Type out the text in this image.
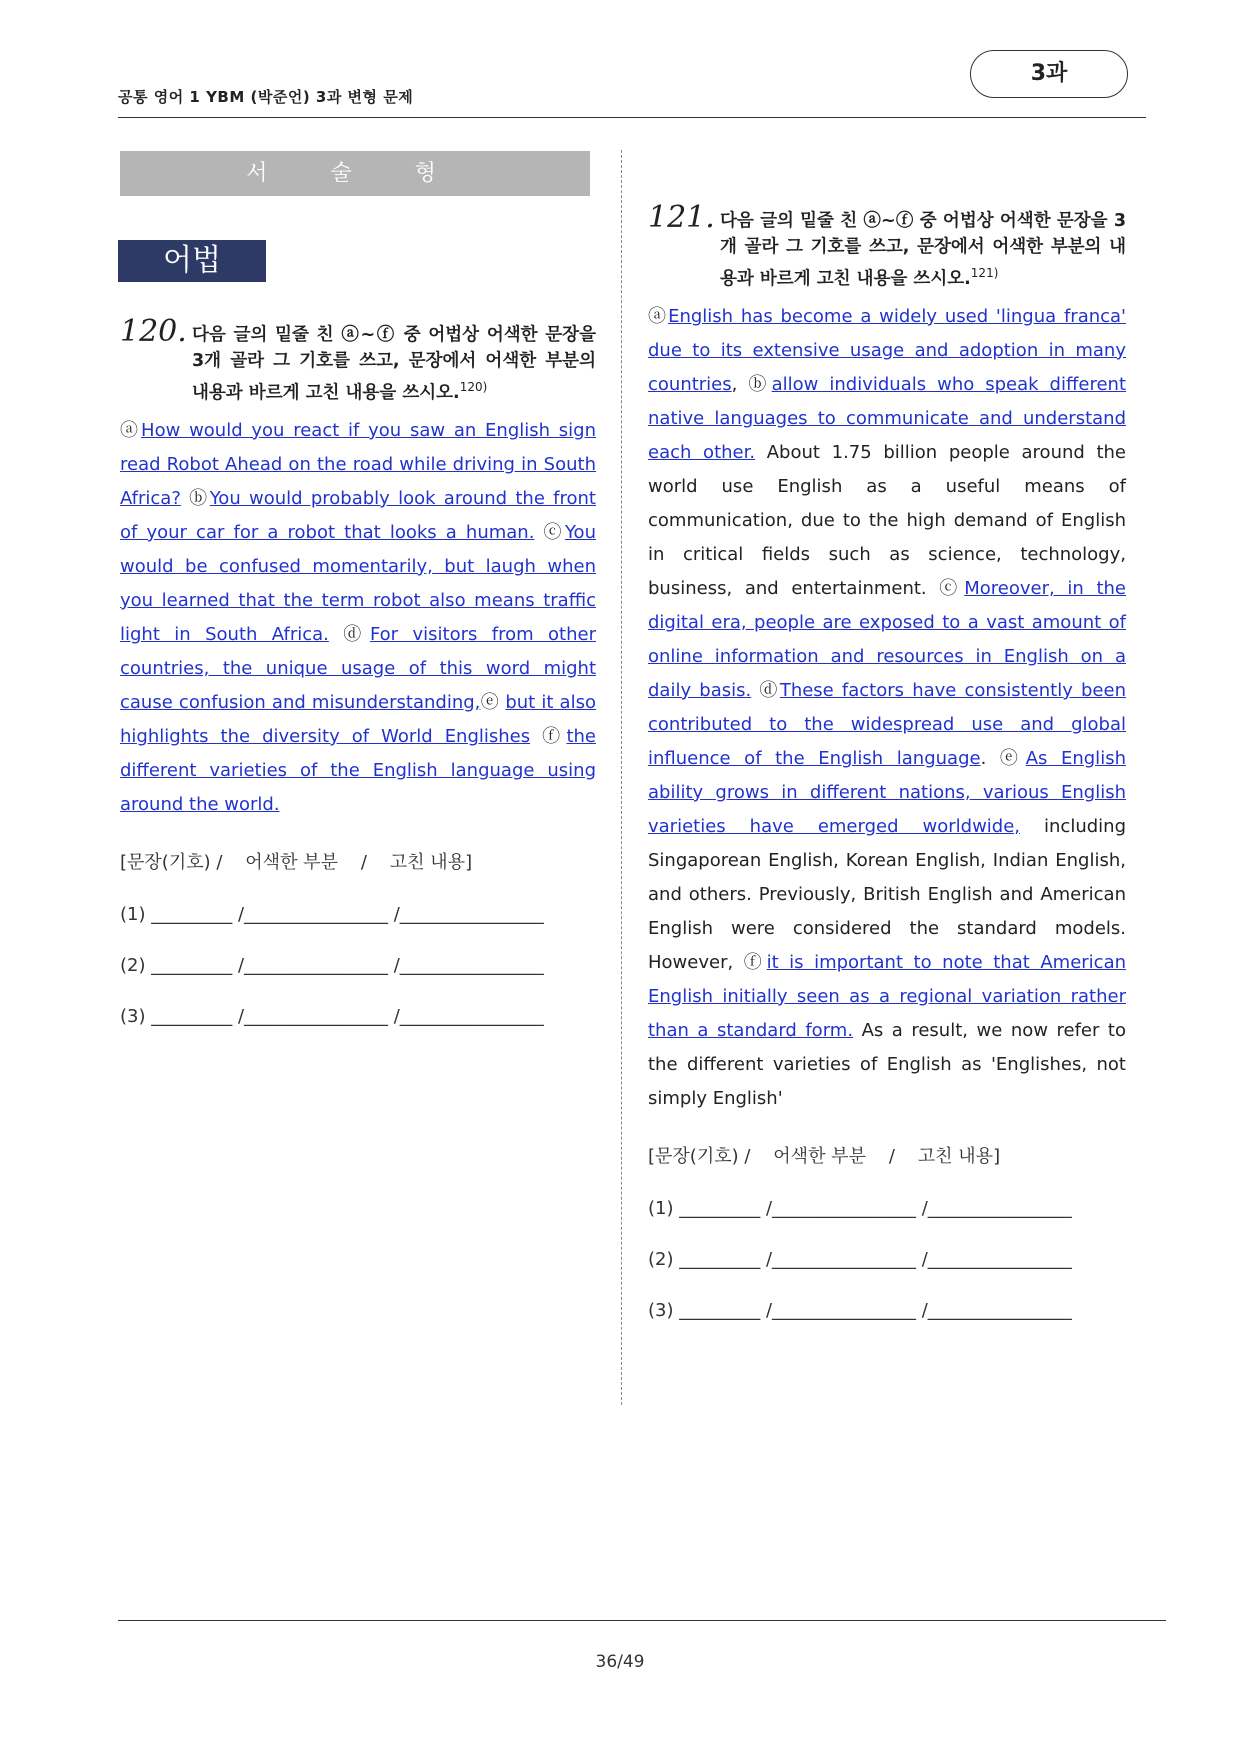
공통 영어 1 YBM (박준언) 3과 변형 문제
3과
서 술 형
어법
120. 다음 글의 밑줄 친 ⓐ~ⓕ 중 어법상 어색한 문장을 3개 골라 그 기호를 쓰고, 문장에서 어색한 부분의 내용과 바르게 고친 내용을 쓰시오.$^{120)}$
ⓐHow would you react if you saw an English sign read Robot Ahead on the road while driving in South Africa? ⓑYou would probably look around the front of your car for a robot that looks a human. ⓒYou would be confused momentarily, but laugh when you learned that the term robot also means traffic light in South Africa. ⓓFor visitors from other countries, the unique usage of this word might cause confusion and misunderstanding,ⓔ but it also highlights the diversity of World Englishes ⓕthe different varieties of the English language using around the world.
[문장(기호) /    어색한 부분    /    고친 내용]
(1) _________ /________________ /________________
(2) _________ /________________ /________________
(3) _________ /________________ /________________
121. 다음 글의 밑줄 친 ⓐ~ⓕ 중 어법상 어색한 문장을 3개 골라 그 기호를 쓰고, 문장에서 어색한 부분의 내용과 바르게 고친 내용을 쓰시오.$^{121)}$
ⓐEnglish has become a widely used 'lingua franca' due to its extensive usage and adoption in many countries, ⓑallow individuals who speak different native languages to communicate and understand each other. About 1.75 billion people around the world use English as a useful means of communication, due to the high demand of English in critical fields such as science, technology, business, and entertainment. ⓒMoreover, in the digital era, people are exposed to a vast amount of online information and resources in English on a daily basis. ⓓThese factors have consistently been contributed to the widespread use and global influence of the English language. ⓔAs English ability grows in different nations, various English varieties have emerged worldwide, including Singaporean English, Korean English, Indian English, and others. Previously, British English and American English were considered the standard models. However, ⓕit is important to note that American English initially seen as a regional variation rather than a standard form. As a result, we now refer to the different varieties of English as 'Englishes, not simply English'
[문장(기호) /    어색한 부분    /    고친 내용]
(1) _________ /________________ /________________
(2) _________ /________________ /________________
(3) _________ /________________ /________________
36/49
